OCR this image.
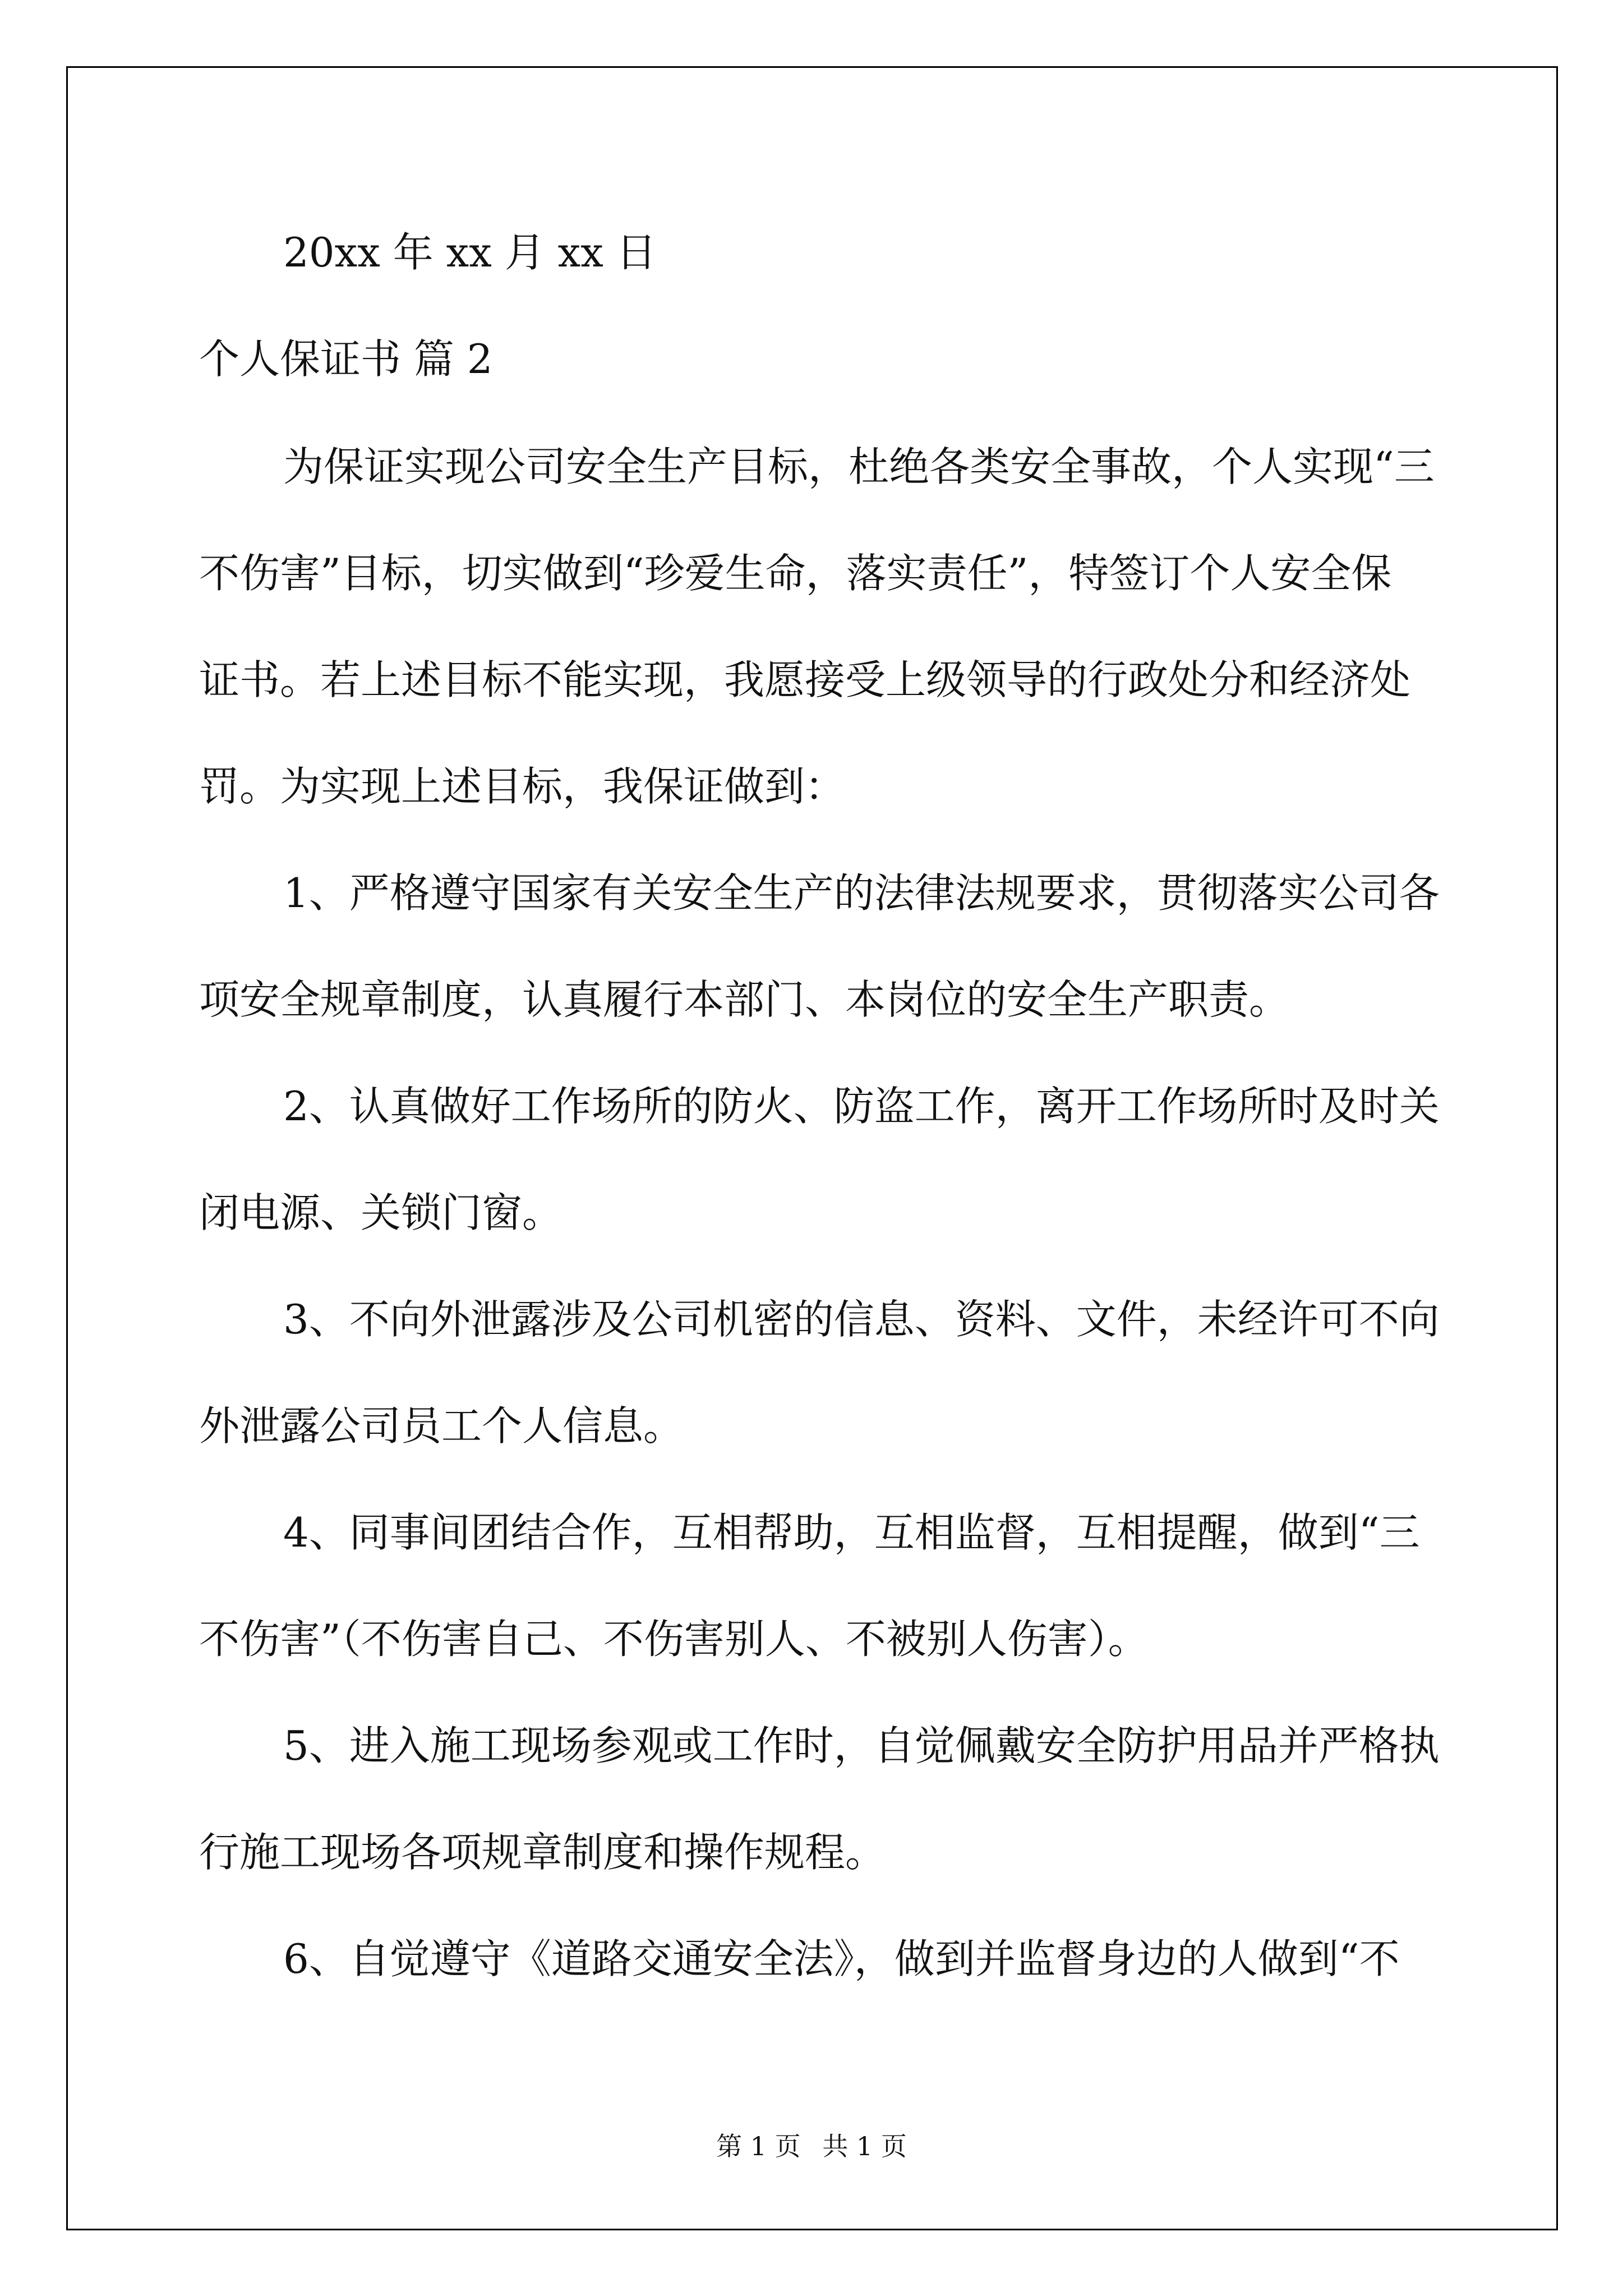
20xx 年 xx 月 xx 日
个人保证书 篇 2
为保证实现公司安全生产目标，杜绝各类安全事故，个人实现“三
不伤害”目标，切实做到“珍爱生命，落实责任”，特签订个人安全保
证书。若上述目标不能实现，我愿接受上级领导的行政处分和经济处
罚。为实现上述目标，我保证做到：
1、严格遵守国家有关安全生产的法律法规要求，贯彻落实公司各
项安全规章制度，认真履行本部门、本岗位的安全生产职责。
2、认真做好工作场所的防火、防盗工作，离开工作场所时及时关
闭电源、关锁门窗。
3、不向外泄露涉及公司机密的信息、资料、文件，未经许可不向
外泄露公司员工个人信息。
4、同事间团结合作，互相帮助，互相监督，互相提醒，做到“三
不伤害”（不伤害自己、不伤害别人、不被别人伤害）。
5、进入施工现场参观或工作时，自觉佩戴安全防护用品并严格执
行施工现场各项规章制度和操作规程。
6、自觉遵守《道路交通安全法》，做到并监督身边的人做到“不
第 1 页 共 1 页
